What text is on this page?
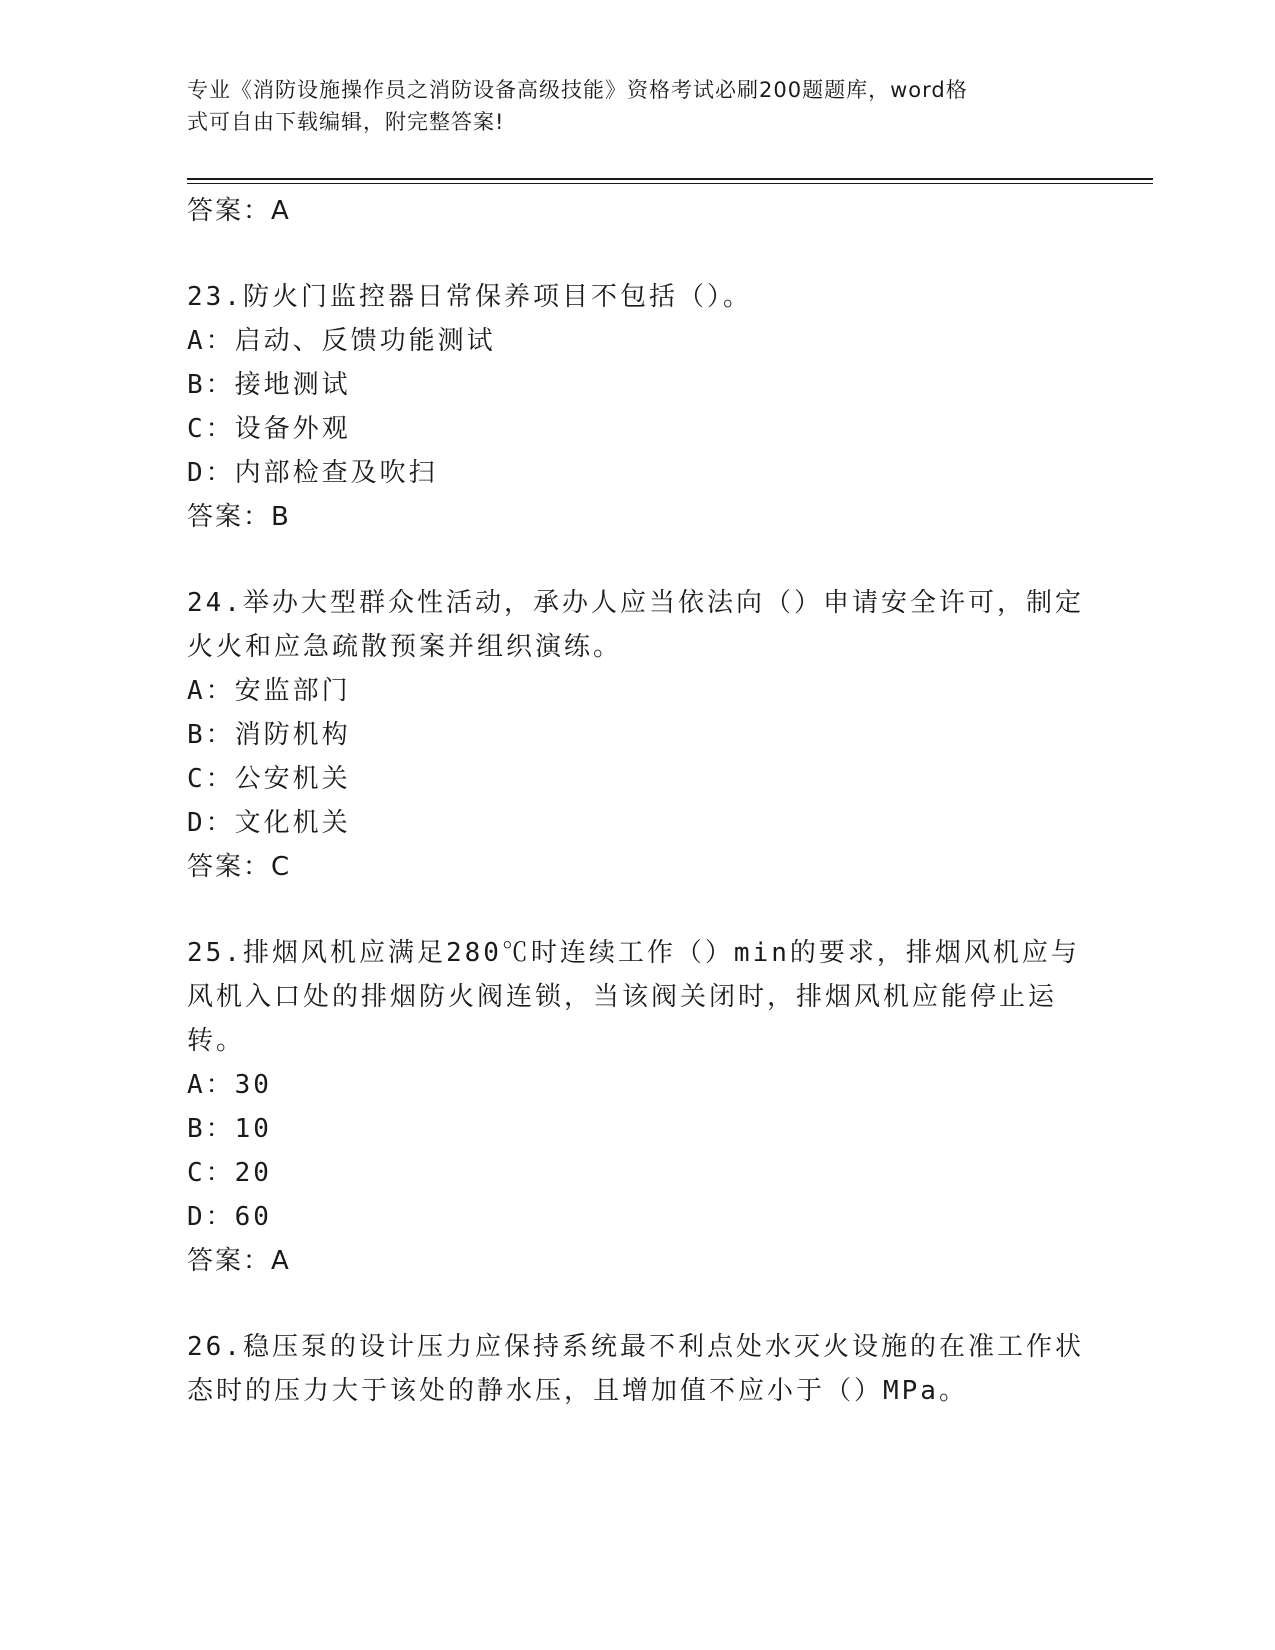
专业《消防设施操作员之消防设备高级技能》资格考试必刷200题题库，word格
式可自由下载编辑，附完整答案!
答案：A
23.防火门监控器日常保养项目不包括（）。
A：启动、反馈功能测试
B：接地测试
C：设备外观
D：内部检查及吹扫
答案：B
24.举办大型群众性活动，承办人应当依法向（）申请安全许可，制定
火火和应急疏散预案并组织演练。
A：安监部门
B：消防机构
C：公安机关
D：文化机关
答案：C
25.排烟风机应满足280℃时连续工作（）min的要求，排烟风机应与
风机入口处的排烟防火阀连锁，当该阀关闭时，排烟风机应能停止运
转。
A：30
B：10
C：20
D：60
答案：A
26.稳压泵的设计压力应保持系统最不利点处水灭火设施的在准工作状
态时的压力大于该处的静水压，且增加值不应小于（）MPa。
